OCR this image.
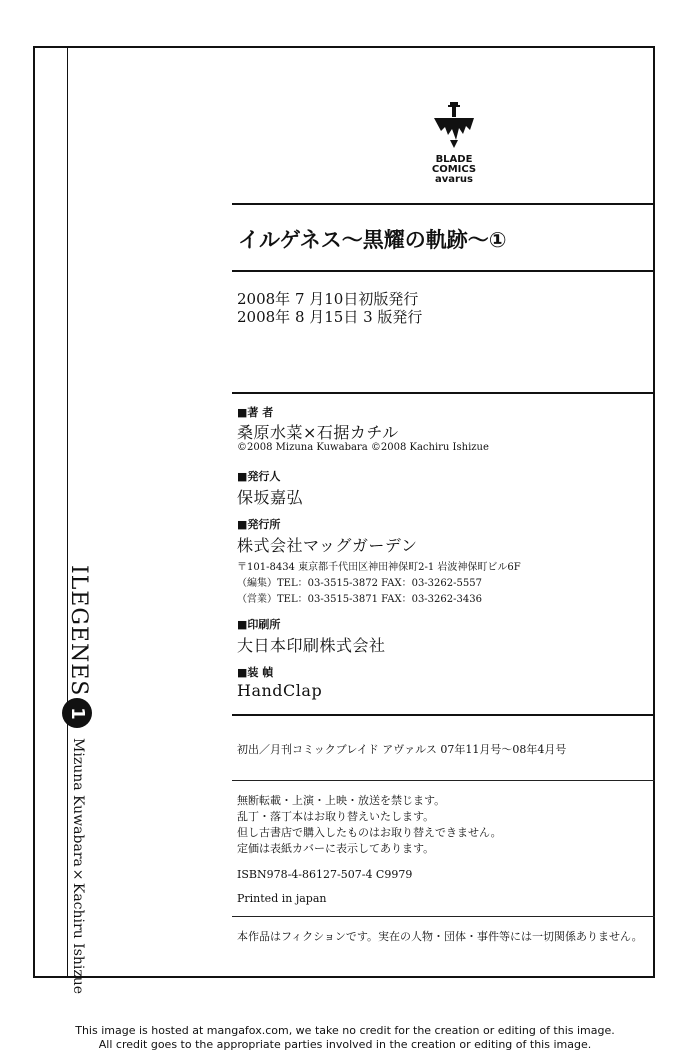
ILEGENES
1
Mizuna Kuwabara×Kachiru Ishizue
BLADE
COMICS
avarus
イルゲネス〜黒耀の軌跡〜①
2008年 7 月10日初版発行
2008年 8 月15日 3 版発行
■著 者
桑原水菜×石据カチル
©2008 Mizuna Kuwabara ©2008 Kachiru Ishizue
■発行人
保坂嘉弘
■発行所
株式会社マッグガーデン
〒101-8434 東京都千代田区神田神保町2-1 岩波神保町ビル6F
（編集）TEL：03-3515-3872 FAX：03-3262-5557
（営業）TEL：03-3515-3871 FAX：03-3262-3436
■印刷所
大日本印刷株式会社
■装 幀
HandClap
初出／月刊コミックブレイド アヴァルス 07年11月号〜08年4月号
無断転載・上演・上映・放送を禁じます。
乱丁・落丁本はお取り替えいたします。
但し古書店で購入したものはお取り替えできません。
定価は表紙カバーに表示してあります。
ISBN978-4-86127-507-4 C9979
Printed in japan
本作品はフィクションです。実在の人物・団体・事件等には一切関係ありません。
This image is hosted at mangafox.com, we take no credit for the creation or editing of this image.
All credit goes to the appropriate parties involved in the creation or editing of this image.
